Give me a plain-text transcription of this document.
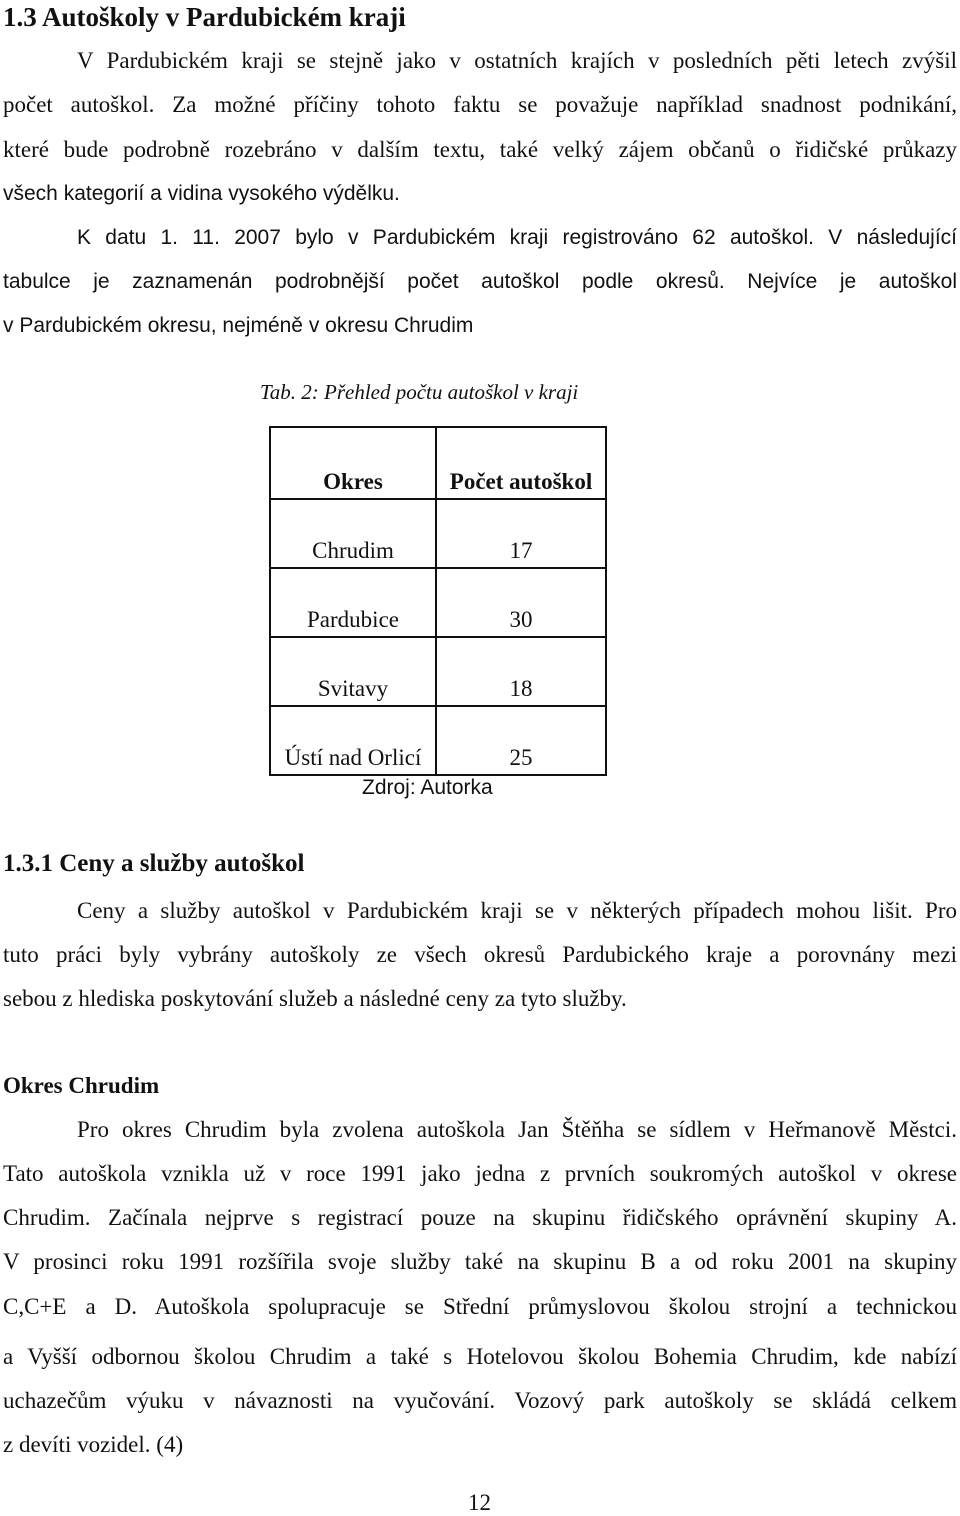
1.3 Autoškoly v Pardubickém kraji
V Pardubickém kraji se stejně jako v ostatních krajích v posledních pěti letech zvýšil
počet autoškol. Za možné příčiny tohoto faktu se považuje například snadnost podnikání,
které bude podrobně rozebráno v dalším textu, také velký zájem občanů o řidičské průkazy
všech kategorií a vidina vysokého výdělku.
K datu 1. 11. 2007 bylo v Pardubickém kraji registrováno 62 autoškol. V následující
tabulce je zaznamenán podrobnější počet autoškol podle okresů. Nejvíce je autoškol
v Pardubickém okresu, nejméně v okresu Chrudim
Tab. 2: Přehled počtu autoškol v kraji
Okres	Počet autoškol
Chrudim	17
Pardubice	30
Svitavy	18
Ústí nad Orlicí	25
Zdroj: Autorka
1.3.1 Ceny a služby autoškol
Ceny a služby autoškol v Pardubickém kraji se v některých případech mohou lišit. Pro
tuto práci byly vybrány autoškoly ze všech okresů Pardubického kraje a porovnány mezi
sebou z hlediska poskytování služeb a následné ceny za tyto služby.
Okres Chrudim
Pro okres Chrudim byla zvolena autoškola Jan Štěňha se sídlem v Heřmanově Městci.
Tato autoškola vznikla už v roce 1991 jako jedna z prvních soukromých autoškol v okrese
Chrudim. Začínala nejprve s registrací pouze na skupinu řidičského oprávnění skupiny A.
V prosinci roku 1991 rozšířila svoje služby také na skupinu B a od roku 2001 na skupiny
C,C+E a D. Autoškola spolupracuje se Střední průmyslovou školou strojní a technickou
a Vyšší odbornou školou Chrudim a také s Hotelovou školou Bohemia Chrudim, kde nabízí
uchazečům výuku v návaznosti na vyučování. Vozový park autoškoly se skládá celkem
z devíti vozidel. (4)
12
